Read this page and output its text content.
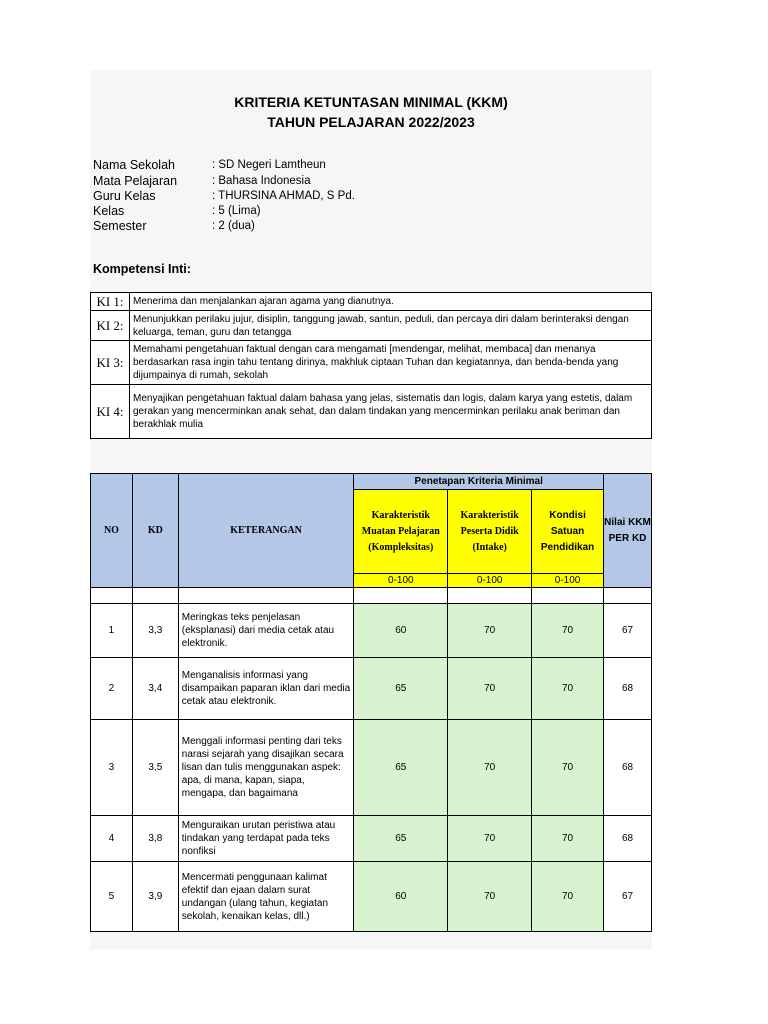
KRITERIA KETUNTASAN MINIMAL (KKM)
TAHUN PELAJARAN 2022/2023
Nama Sekolah	: SD Negeri Lamtheun
Mata Pelajaran	: Bahasa Indonesia
Guru Kelas	: THURSINA AHMAD, S Pd.
Kelas	: 5 (Lima)
Semester	: 2 (dua)
Kompetensi Inti:
KI 1:	Menerima dan menjalankan ajaran agama yang dianutnya.
KI 2:	Menunjukkan perilaku jujur, disiplin, tanggung jawab, santun, peduli, dan percaya diri dalam berinteraksi dengan keluarga, teman, guru dan tetangga
KI 3:	Memahami pengetahuan faktual dengan cara mengamati [mendengar, melihat, membaca] dan menanya berdasarkan rasa ingin tahu tentang dirinya, makhluk ciptaan Tuhan dan kegiatannya, dan benda-benda yang dijumpainya di rumah, sekolah
KI 4:	Menyajikan pengetahuan faktual dalam bahasa yang jelas, sistematis dan logis, dalam karya yang estetis, dalam gerakan yang mencerminkan anak sehat, dan dalam tindakan yang mencerminkan perilaku anak beriman dan berakhlak mulia
NO	KD	KETERANGAN	Penetapan Kriteria Minimal			Nilai KKM PER KD
			Karakteristik Muatan Pelajaran (Kompleksitas)	Karakteristik Peserta Didik (Intake)	Kondisi Satuan Pendidikan	
			0-100	0-100	0-100	

1	3,3	Meringkas teks penjelasan (eksplanasi) dari media cetak atau elektronik.	60	70	70	67
2	3,4	Menganalisis informasi yang disampaikan paparan iklan dari media cetak atau elektronik.	65	70	70	68
3	3,5	Menggali informasi penting dari teks narasi sejarah yang disajikan secara lisan dan tulis menggunakan aspek: apa, di mana, kapan, siapa, mengapa, dan bagaimana	65	70	70	68
4	3,8	Menguraikan urutan peristiwa atau tindakan yang terdapat pada teks nonfiksi	65	70	70	68
5	3,9	Mencermati penggunaan kalimat efektif dan ejaan dalam surat undangan (ulang tahun, kegiatan sekolah, kenaikan kelas, dll.)	60	70	70	67
